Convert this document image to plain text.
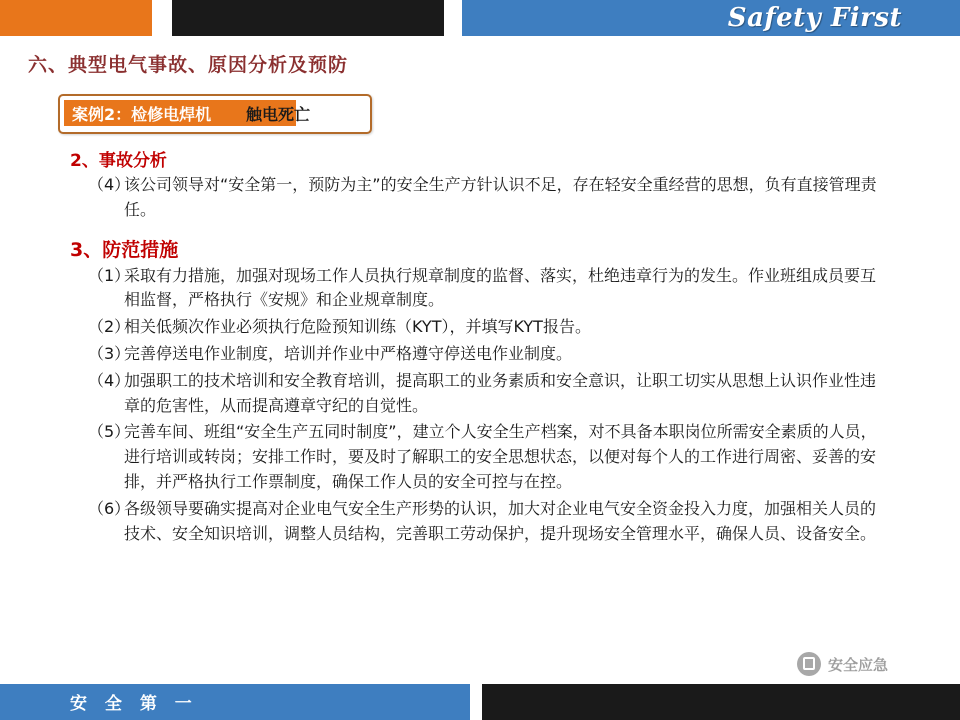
Safety First
六、典型电气事故、原因分析及预防
案例2：检修电焊机 触电死亡
2、事故分析
（4）
该公司领导对“安全第一，预防为主”的安全生产方针认识不足，存在轻安全重经营的思想，负有直接管理责任。
3、防范措施
（1）
采取有力措施，加强对现场工作人员执行规章制度的监督、落实，杜绝违章行为的发生。作业班组成员要互相监督，严格执行《安规》和企业规章制度。
（2）
相关低频次作业必须执行危险预知训练（KYT），并填写KYT报告。
（3）
完善停送电作业制度，培训并作业中严格遵守停送电作业制度。
（4）
加强职工的技术培训和安全教育培训，提高职工的业务素质和安全意识，让职工切实从思想上认识作业性违章的危害性，从而提高遵章守纪的自觉性。
（5）
完善车间、班组“安全生产五同时制度”，建立个人安全生产档案，对不具备本职岗位所需安全素质的人员，进行培训或转岗；安排工作时，要及时了解职工的安全思想状态，以便对每个人的工作进行周密、妥善的安排，并严格执行工作票制度，确保工作人员的安全可控与在控。
（6）
各级领导要确实提高对企业电气安全生产形势的认识，加大对企业电气安全资金投入力度，加强相关人员的技术、安全知识培训，调整人员结构，完善职工劳动保护，提升现场安全管理水平，确保人员、设备安全。
安全应急
安 全 第 一
